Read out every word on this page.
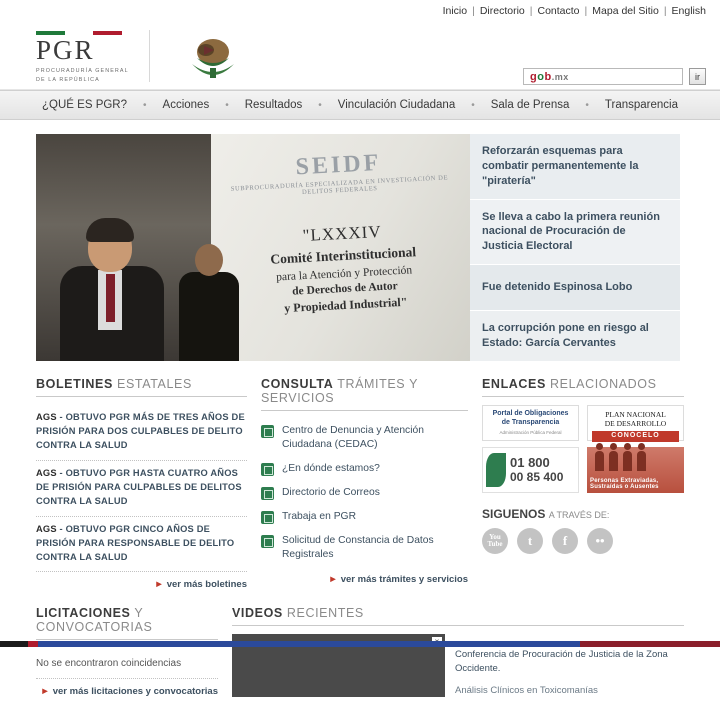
Inicio | Directorio | Contacto | Mapa del Sitio | English
PGR
PROCURADURÍA GENERAL
DE LA REPÚBLICA	gob.mx	ir
¿QUÉ ES PGR?	•	Acciones	•	Resultados	•	Vinculación Ciudadana	•	Sala de Prensa	•	Transparencia
SEIDF
SUBPROCURADURÍA ESPECIALIZADA EN INVESTIGACIÓN DE DELITOS FEDERALES
"LXXXIV
Comité Interinstitucional
para la Atención y Protección
de Derechos de Autor
y Propiedad Industrial"
Reforzarán esquemas para combatir permanentemente la "piratería"
Se lleva a cabo la primera reunión nacional de Procuración de Justicia Electoral
Fue detenido Espinosa Lobo
La corrupción pone en riesgo al Estado: García Cervantes
BOLETINES ESTATALES
AGS - OBTUVO PGR MÁS DE TRES AÑOS DE PRISIÓN PARA DOS CULPABLES DE DELITO CONTRA LA SALUD
AGS - OBTUVO PGR HASTA CUATRO AÑOS DE PRISIÓN PARA CULPABLES DE DELITOS CONTRA LA SALUD
AGS - OBTUVO PGR CINCO AÑOS DE PRISIÓN PARA RESPONSABLE DE DELITO CONTRA LA SALUD
► ver más boletines
CONSULTA TRÁMITES Y SERVICIOS
Centro de Denuncia y Atención Ciudadana (CEDAC)
¿En dónde estamos?
Directorio de Correos
Trabaja en PGR
Solicitud de Constancia de Datos Registrales
► ver más trámites y servicios
ENLACES RELACIONADOS
Portal de Obligaciones
de Transparencia
Administración Pública Federal
PLAN NACIONAL
DE DESARROLLO
CONÓCELO
01 800
00 85 400	Personas Extraviadas,
Sustraídas o Ausentes
SIGUENOS A TRAVÉS DE:
You
Tube	t	f	••
LICITACIONES Y CONVOCATORIAS
No se encontraron coincidencias
► ver más licitaciones y convocatorias
VIDEOS RECIENTES
Conferencia de Procuración de Justicia de la Zona Occidente.
Análisis Clínicos en Toxicomanías
